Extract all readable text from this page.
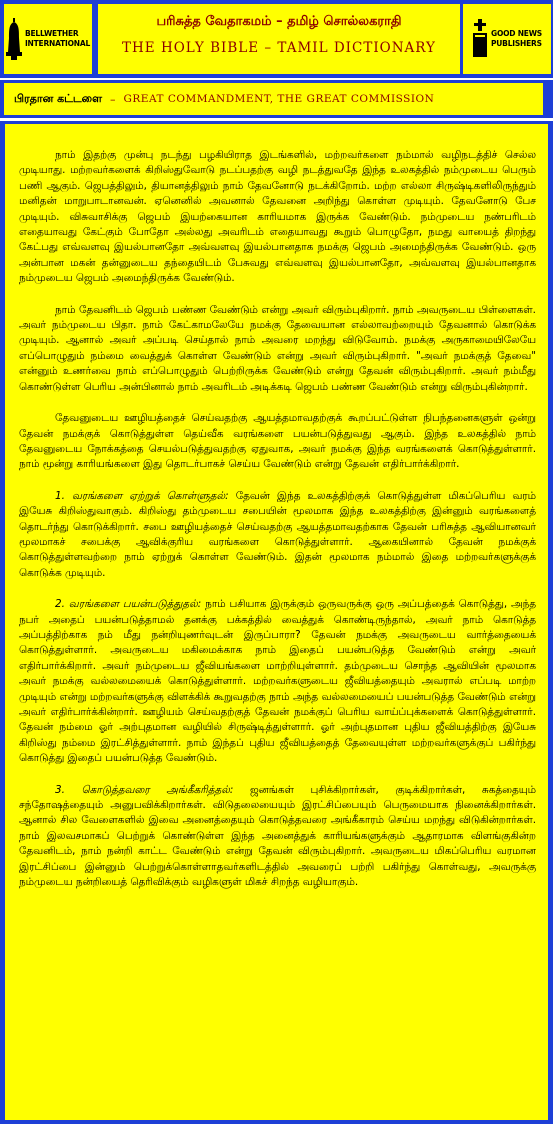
BELLWETHER
INTERNATIONAL
பரிசுத்த வேதாகமம் – தமிழ் சொல்லகராதி
THE HOLY BIBLE – TAMIL DICTIONARY
GOOD NEWS
PUBLISHERS
பிரதான கட்டளை – GREAT COMMANDMENT, THE GREAT COMMISSION

நாம் இதற்கு முன்பு நடந்து பழகியிராத இடங்களில், மற்றவர்களை நம்மால் வழிநடத்திச் செல்ல முடியாது. மற்றவர்களைக் கிறிஸ்துவோடு நடப்பதற்கு வழி நடத்துவதே இந்த உலகத்தில் நம்முடைய பெரும் பணி ஆகும். ஜெபத்திலும், தியானத்திலும் நாம் தேவனோடு நடக்கிறோம். மற்ற எல்லா சிருஷ்டிகளிலிருந்தும் மனிதன் மாறுபாடானவன். ஏனெனில் அவனால் தேவனை அறிந்து கொள்ள முடியும். தேவனோடு பேச முடியும். விசுவாசிக்கு ஜெபம் இயற்கையான காரியமாக இருக்க வேண்டும். நம்முடைய நண்பரிடம் எதையாவது கேட்கும் போதோ அல்லது அவரிடம் எதையாவது கூறும் பொழுதோ, நமது வாயைத் திறந்து கேட்பது எவ்வளவு இயல்பானதோ அவ்வளவு இயல்பானதாக நமக்கு ஜெபம் அமைந்திருக்க வேண்டும். ஒரு அன்பான மகன் தன்னுடைய தந்தையிடம் பேசுவது எவ்வளவு இயல்பானதோ, அவ்வளவு இயல்பானதாக நம்முடைய ஜெபம் அமைந்திருக்க வேண்டும்.

நாம் தேவனிடம் ஜெபம் பண்ண வேண்டும் என்று அவர் விரும்புகிறார். நாம் அவருடைய பிள்ளைகள். அவர் நம்முடைய பிதா. நாம் கேட்காமலேயே நமக்கு தேவையான எல்லாவற்றையும் தேவனால் கொடுக்க முடியும். ஆனால் அவர் அப்படி செய்தால் நாம் அவரை மறந்து விடுவோம். நமக்கு அருகாமையிலேயே எப்பொழுதும் நம்மை வைத்துக் கொள்ள வேண்டும் என்று அவர் விரும்புகிறார். "அவர் நமக்குத் தேவை" என்னும் உணர்வை நாம் எப்பொழுதும் பெற்றிருக்க வேண்டும் என்று தேவன் விரும்புகிறார். அவர் நம்மீது கொண்டுள்ள பெரிய அன்பினால் நாம் அவரிடம் அடிக்கடி ஜெபம் பண்ண வேண்டும் என்று விரும்புகின்றார்.

தேவனுடைய ஊழியத்தைச் செய்வதற்கு ஆயத்தமாவதற்குக் கூறப்பட்டுள்ள நிபந்தனைகளுள் ஒன்று தேவன் நமக்குக் கொடுத்துள்ள தெய்வீக வரங்களை பயன்படுத்துவது ஆகும். இந்த உலகத்தில் நாம் தேவனுடைய நோக்கத்தை செயல்படுத்துவதற்கு ஏதுவாக, அவர் நமக்கு இந்த வரங்களைக் கொடுத்துள்ளார். நாம் மூன்று காரியங்களை இது தொடர்பாகச் செய்ய வேண்டும் என்று தேவன் எதிர்பார்க்கிறார்.

1. வரங்களை ஏற்றுக் கொள்ளுதல்: தேவன் இந்த உலகத்திற்குக் கொடுத்துள்ள மிகப்பெரிய வரம் இயேசு கிறிஸ்துவாகும். கிறிஸ்து தம்முடைய சபையின் மூலமாக இந்த உலகத்திற்கு இன்னும் வரங்களைத் தொடர்ந்து கொடுக்கிறார். சபை ஊழியத்தைச் செய்வதற்கு ஆயத்தமாவதற்காக தேவன் பரிசுத்த ஆவியானவர் மூலமாகச் சபைக்கு ஆவிக்குரிய வரங்களை கொடுத்துள்ளார். ஆகையினால் தேவன் நமக்குக் கொடுத்துள்ளவற்றை நாம் ஏற்றுக் கொள்ள வேண்டும். இதன் மூலமாக நம்மால் இதை மற்றவர்களுக்குக் கொடுக்க முடியும்.

2. வரங்களை பயன்படுத்துதல்: நாம் பசியாக இருக்கும் ஒருவருக்கு ஒரு அப்பத்தைக் கொடுத்து, அந்த நபர் அதைப் பயன்படுத்தாமல் தனக்கு பக்கத்தில் வைத்துக் கொண்டிருந்தால், அவர் நாம் கொடுத்த அப்பத்திற்காக நம் மீது நன்றியுணர்வுடன் இருப்பாரா? தேவன் நமக்கு அவருடைய வார்த்தையைக் கொடுத்துள்ளார். அவருடைய மகிமைக்காக நாம் இதைப் பயன்படுத்த வேண்டும் என்று அவர் எதிர்பார்க்கிறார். அவர் நம்முடைய ஜீவியங்களை மாற்றியுள்ளார். தம்முடைய சொந்த ஆவியின் மூலமாக அவர் நமக்கு வல்லமையைக் கொடுத்துள்ளார். மற்றவர்களுடைய ஜீவியத்தையும் அவரால் எப்படி மாற்ற முடியும் என்று மற்றவர்களுக்கு விளக்கிக் கூறுவதற்கு நாம் அந்த வல்லமையைப் பயன்படுத்த வேண்டும் என்று அவர் எதிர்பார்க்கின்றார். ஊழியம் செய்வதற்குத் தேவன் நமக்குப் பெரிய வாய்ப்புக்களைக் கொடுத்துள்ளார். தேவன் நம்மை ஓர் அற்புதமான வழியில் சிருஷ்டித்துள்ளார். ஓர் அற்புதமான புதிய ஜீவியத்திற்கு இயேசு கிறிஸ்து நம்மை இரட்சித்துள்ளார். நாம் இந்தப் புதிய ஜீவியத்தைத் தேவையுள்ள மற்றவர்களுக்குப் பகிர்ந்து கொடுத்து இதைப் பயன்படுத்த வேண்டும்.

3. கொடுத்தவரை அங்கீகரித்தல்: ஜனங்கள் புசிக்கிறார்கள், குடிக்கிறார்கள், சுகத்தையும் சந்தோஷத்தையும் அனுபவிக்கிறார்கள். விடுதலையையும் இரட்சிப்பையும் பெருமையாக நினைக்கிறார்கள். ஆனால் சில வேளைகளில் இவை அனைத்தையும் கொடுத்தவரை அங்கீகாரம் செய்ய மறந்து விடுகின்றார்கள். நாம் இலவசமாகப் பெற்றுக் கொண்டுள்ள இந்த அனைத்துக் காரியங்களுக்கும் ஆதாரமாக விளங்குகின்ற தேவனிடம், நாம் நன்றி காட்ட வேண்டும் என்று தேவன் விரும்புகிறார். அவருடைய மிகப்பெரிய வரமான இரட்சிப்பை இன்னும் பெற்றுக்கொள்ளாதவர்களிடத்தில் அவரைப் பற்றி பகிர்ந்து கொள்வது, அவருக்கு நம்முடைய நன்றியைத் தெரிவிக்கும் வழிகளுள் மிகச் சிறந்த வழியாகும்.
